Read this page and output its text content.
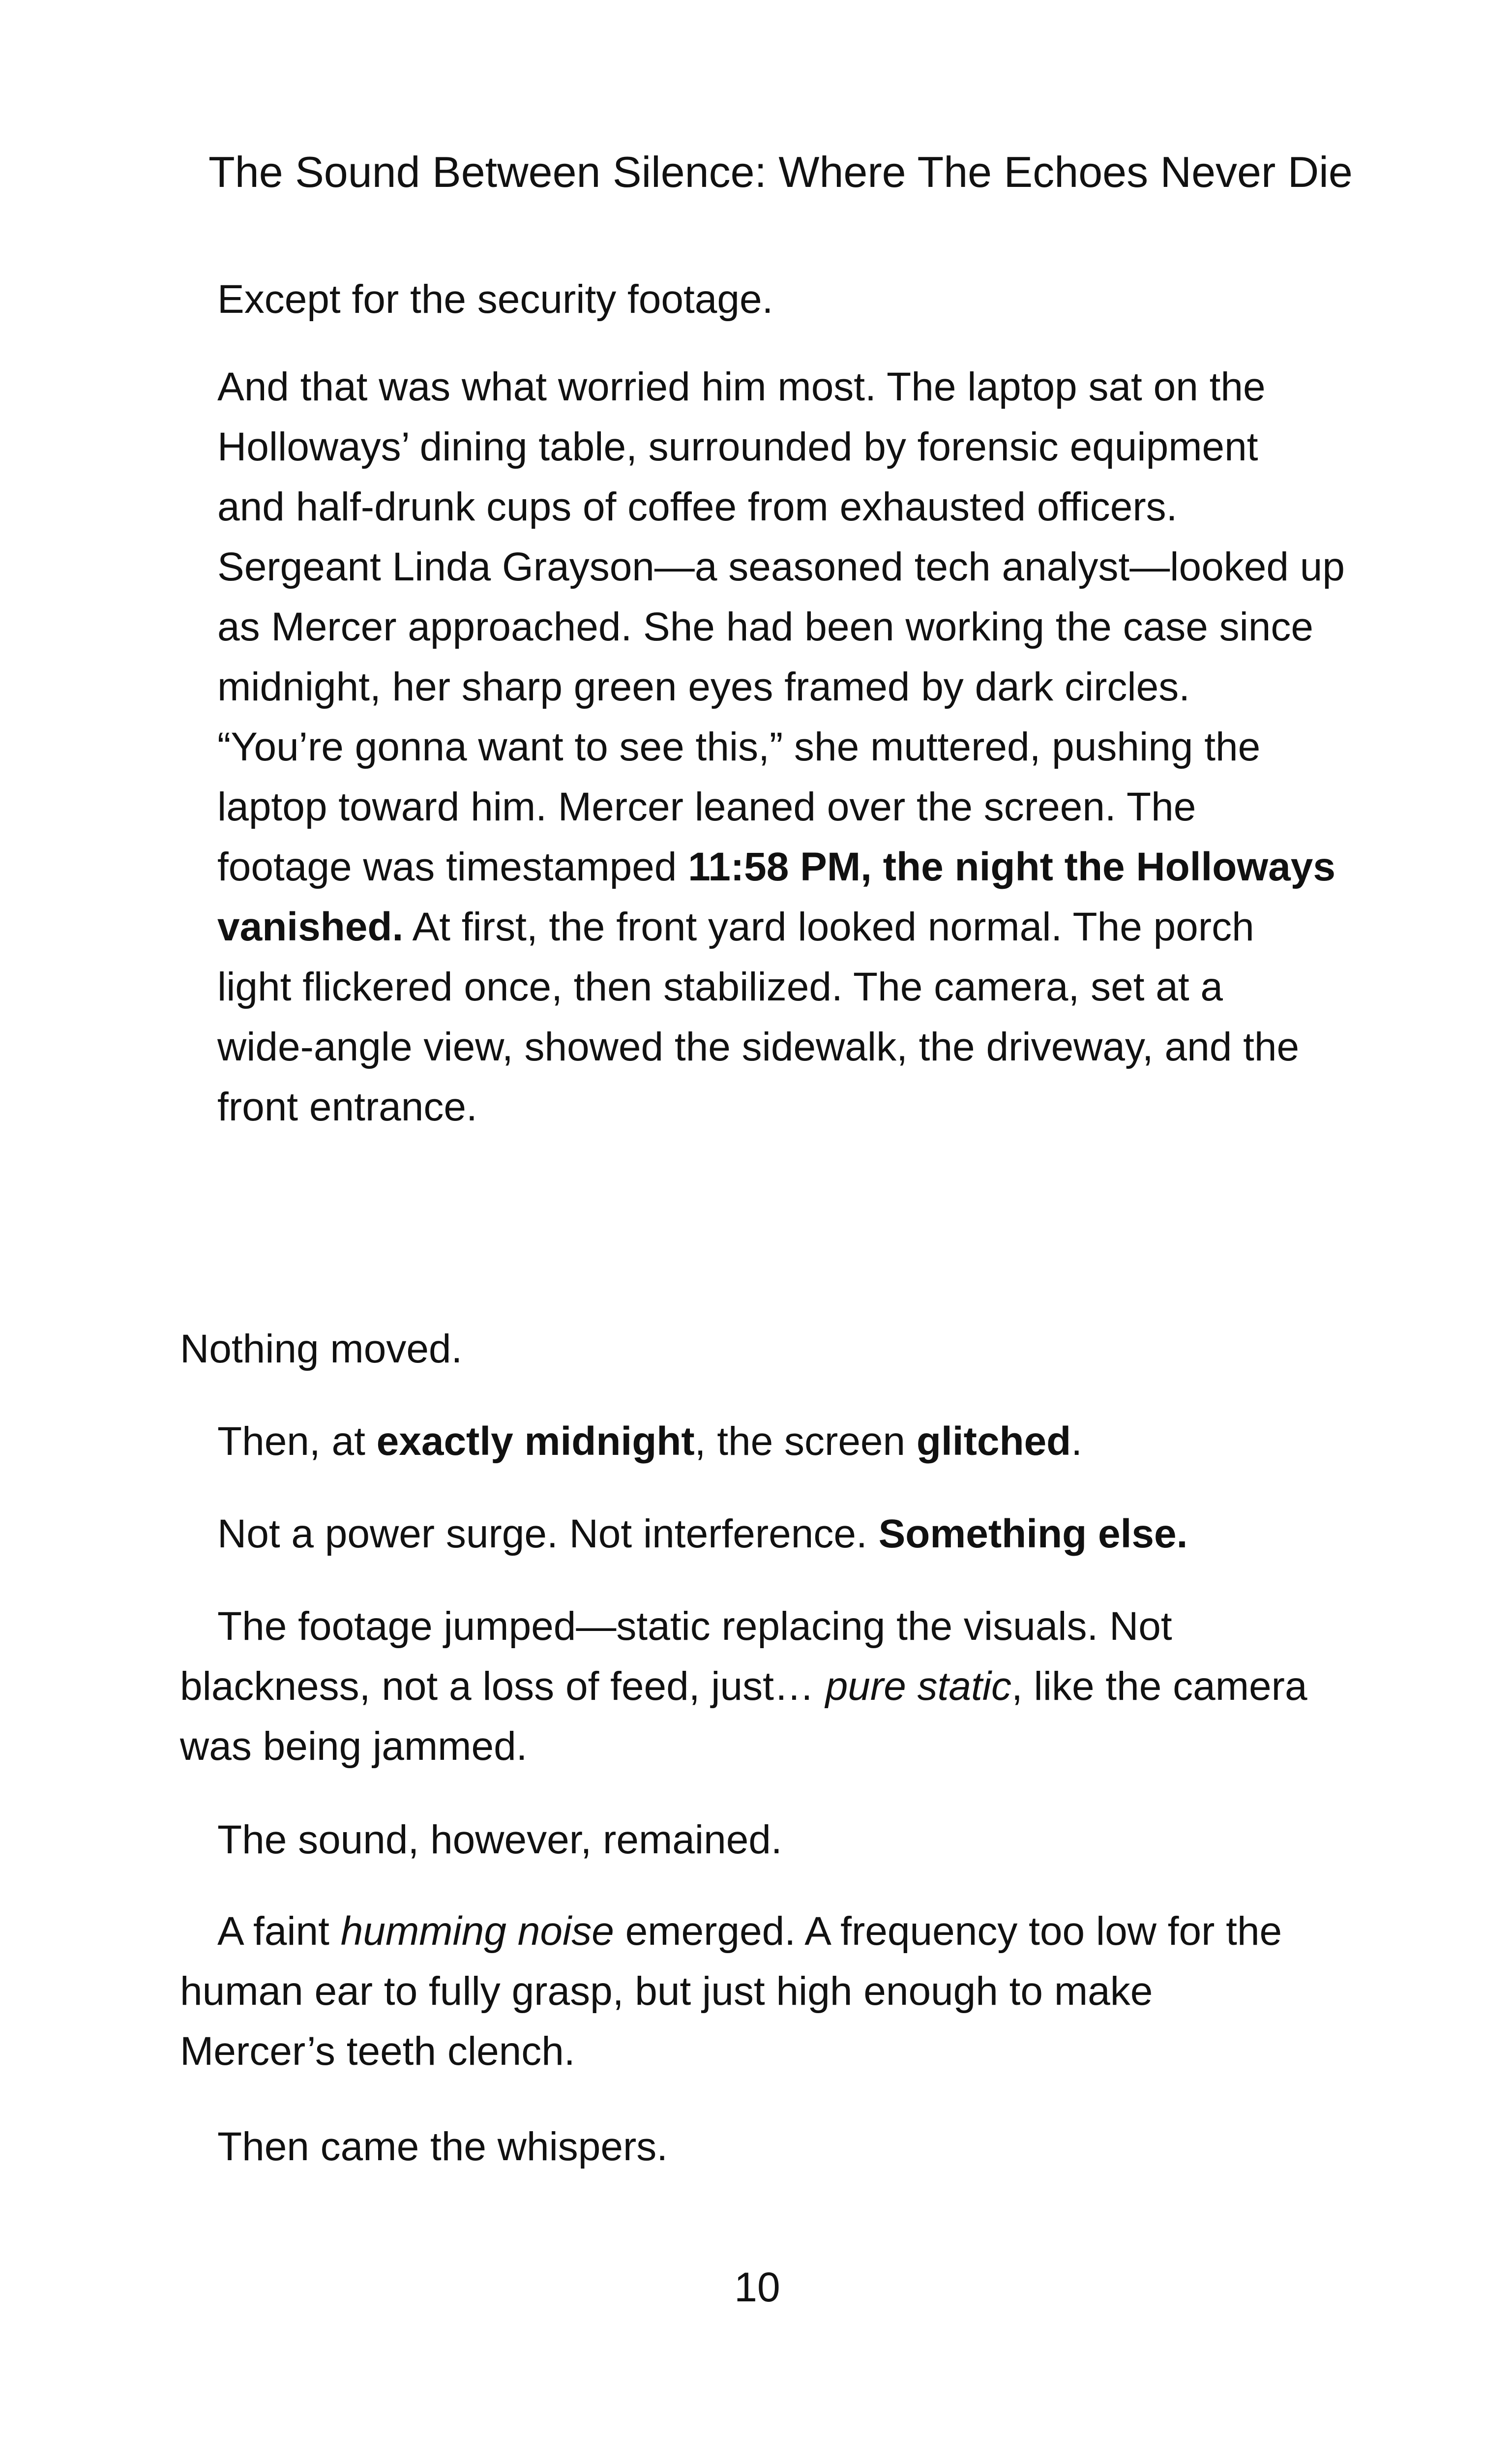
The Sound Between Silence: Where The Echoes Never Die
Except for the security footage.
And that was what worried him most. The laptop sat on the
Holloways’ dining table, surrounded by forensic equipment
and half-drunk cups of coffee from exhausted officers.
Sergeant Linda Grayson—a seasoned tech analyst—looked up
as Mercer approached. She had been working the case since
midnight, her sharp green eyes framed by dark circles.
“You’re gonna want to see this,” she muttered, pushing the
laptop toward him. Mercer leaned over the screen. The
footage was timestamped 11:58 PM, the night the Holloways
vanished. At first, the front yard looked normal. The porch
light flickered once, then stabilized. The camera, set at a
wide-angle view, showed the sidewalk, the driveway, and the
front entrance.
Nothing moved.
Then, at exactly midnight, the screen glitched.
Not a power surge. Not interference. Something else.
The footage jumped—static replacing the visuals. Not
blackness, not a loss of feed, just… pure static, like the camera
was being jammed.
The sound, however, remained.
A faint humming noise emerged. A frequency too low for the
human ear to fully grasp, but just high enough to make
Mercer’s teeth clench.
Then came the whispers.
10
